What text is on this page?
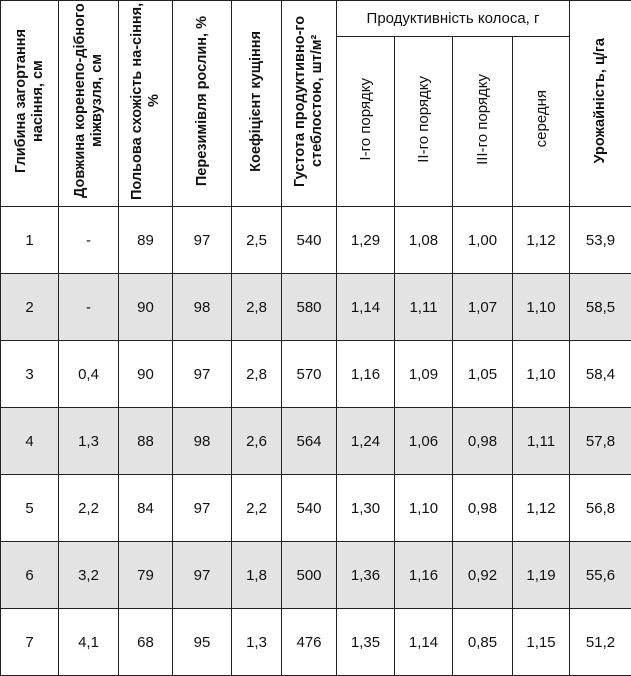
Глибина загортання насіння, см	Довжина коренепо-дібного міжвузля, см	Польова схожість на-сіння, %	Перезимівля рослин, %	Коефіцієнт кущіння	Густота продуктивно-го стеблостою, шт/м²	Продуктивність колоса, г				Урожайність, ц/га
						I-го порядку	II-го порядку	III-го порядку	середня	
1	-	89	97	2,5	540	1,29	1,08	1,00	1,12	53,9
2	-	90	98	2,8	580	1,14	1,11	1,07	1,10	58,5
3	0,4	90	97	2,8	570	1,16	1,09	1,05	1,10	58,4
4	1,3	88	98	2,6	564	1,24	1,06	0,98	1,11	57,8
5	2,2	84	97	2,2	540	1,30	1,10	0,98	1,12	56,8
6	3,2	79	97	1,8	500	1,36	1,16	0,92	1,19	55,6
7	4,1	68	95	1,3	476	1,35	1,14	0,85	1,15	51,2
